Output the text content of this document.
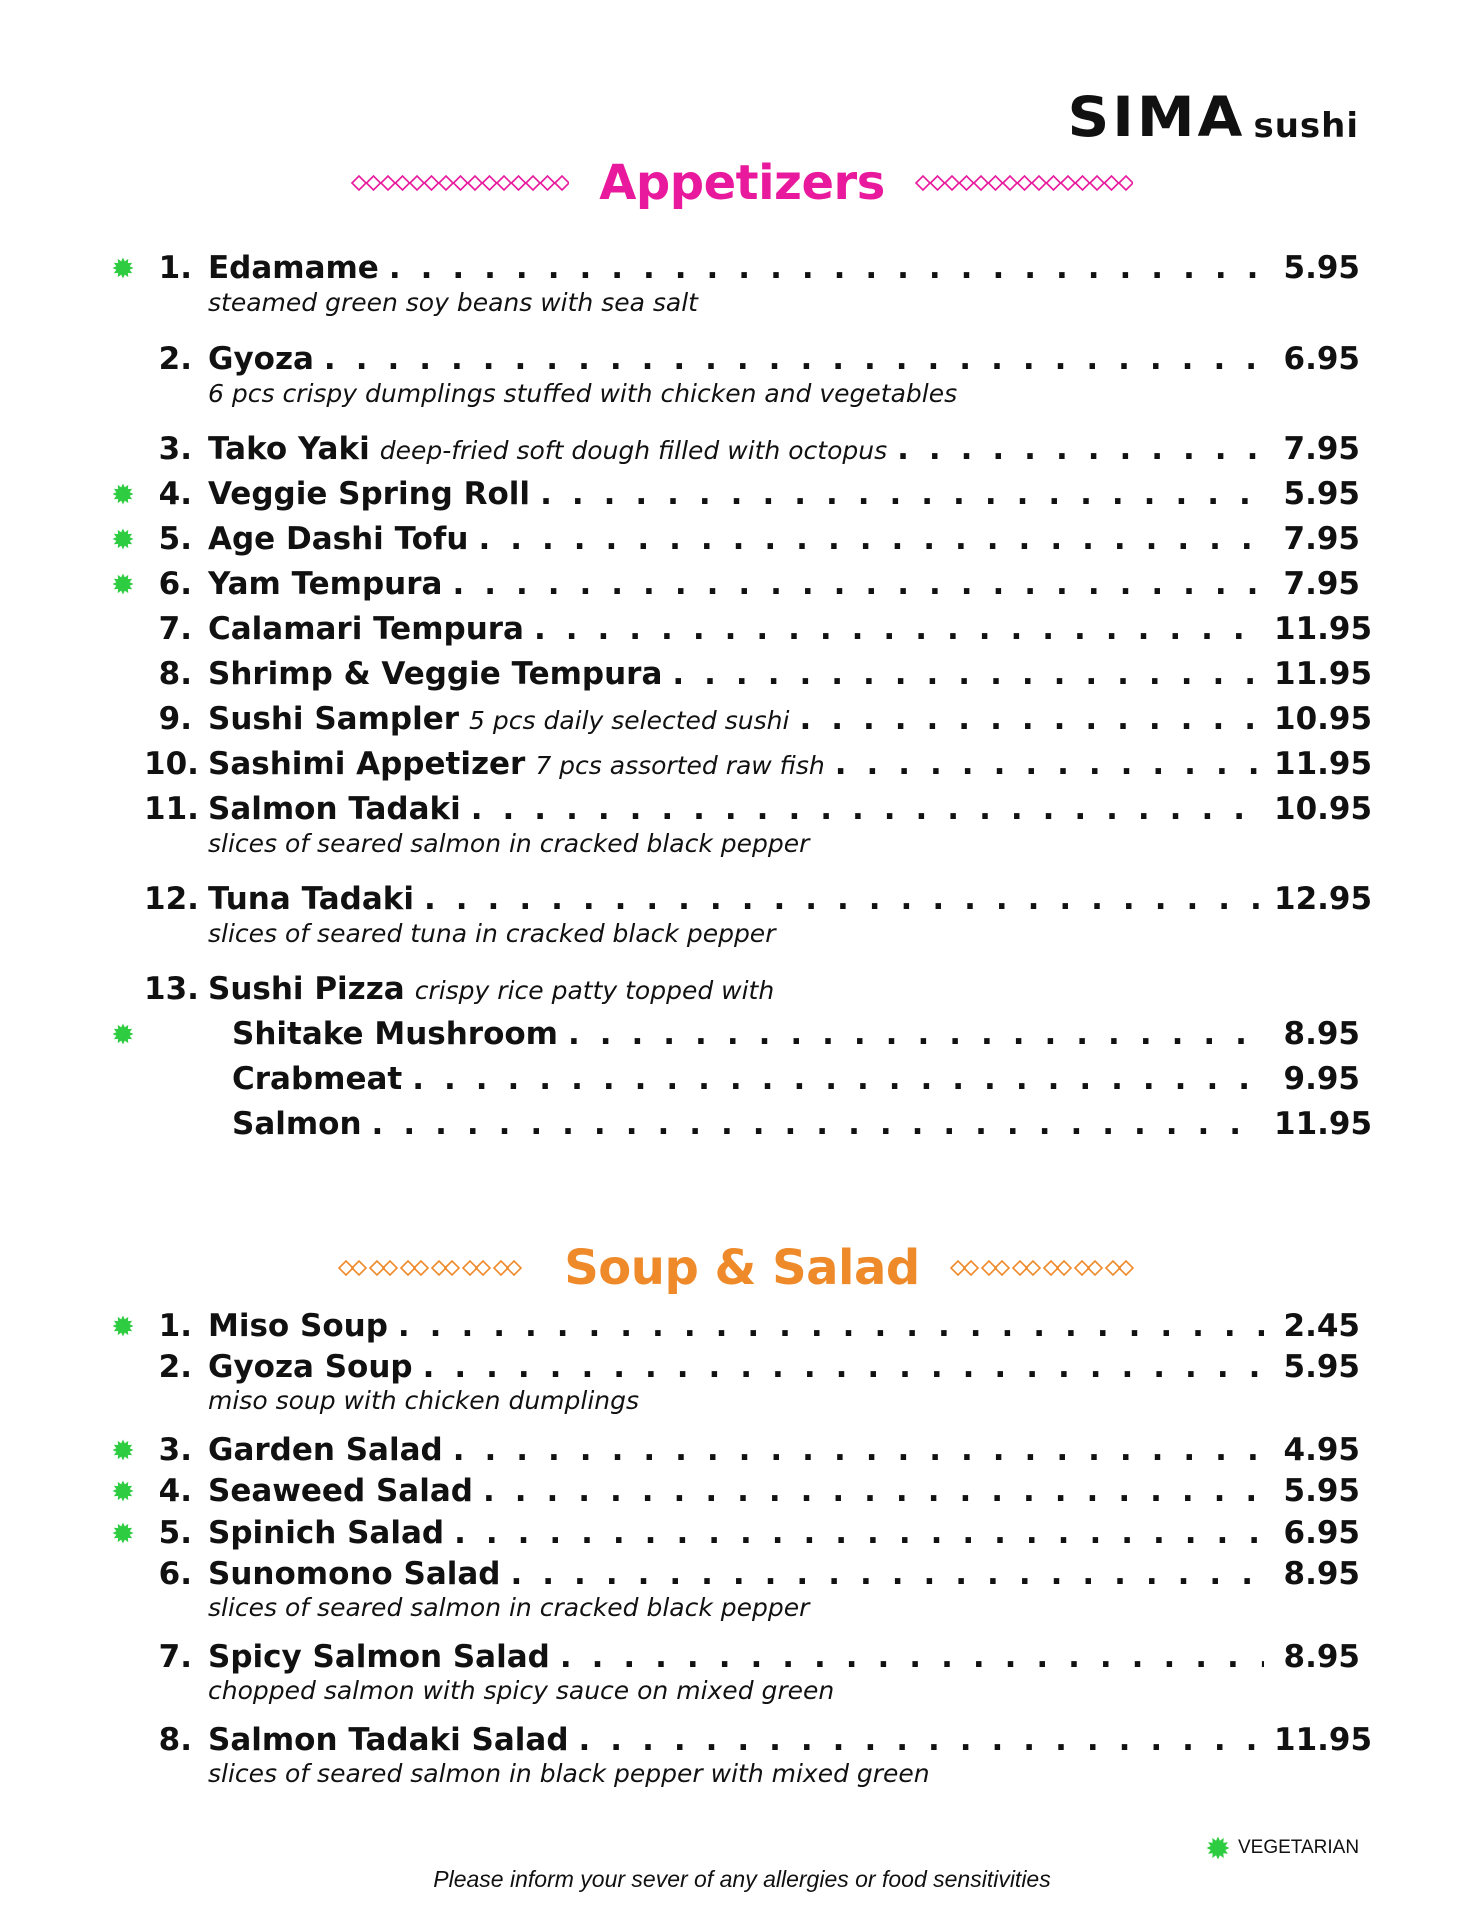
SIMA sushi
Appetizers
1. Edamame . . .	5.95
steamed green soy beans with sea salt
2. Gyoza . . .	6.95
6 pcs crispy dumplings stuffed with chicken and vegetables
3. Tako Yaki deep-fried soft dough filled with octopus . . .	7.95
4. Veggie Spring Roll . . .	5.95
5. Age Dashi Tofu . . .	7.95
6. Yam Tempura . . .	7.95
7. Calamari Tempura . . .	11.95
8. Shrimp & Veggie Tempura . . .	11.95
9. Sushi Sampler 5 pcs daily selected sushi . . .	10.95
10. Sashimi Appetizer 7 pcs assorted raw fish . . .	11.95
11. Salmon Tadaki . . .	10.95
slices of seared salmon in cracked black pepper
12. Tuna Tadaki . . .	12.95
slices of seared tuna in cracked black pepper
13. Sushi Pizza crispy rice patty topped with
Shitake Mushroom . . .	8.95
Crabmeat . . .	9.95
Salmon . . .	11.95
Soup & Salad
1. Miso Soup . . .	2.45
2. Gyoza Soup . . .	5.95
miso soup with chicken dumplings
3. Garden Salad . . .	4.95
4. Seaweed Salad . . .	5.95
5. Spinich Salad . . .	6.95
6. Sunomono Salad . . .	8.95
slices of seared salmon in cracked black pepper
7. Spicy Salmon Salad . . .	8.95
chopped salmon with spicy sauce on mixed green
8. Salmon Tadaki Salad . . .	11.95
slices of seared salmon in black pepper with mixed green
VEGETARIAN
Please inform your sever of any allergies or food sensitivities
